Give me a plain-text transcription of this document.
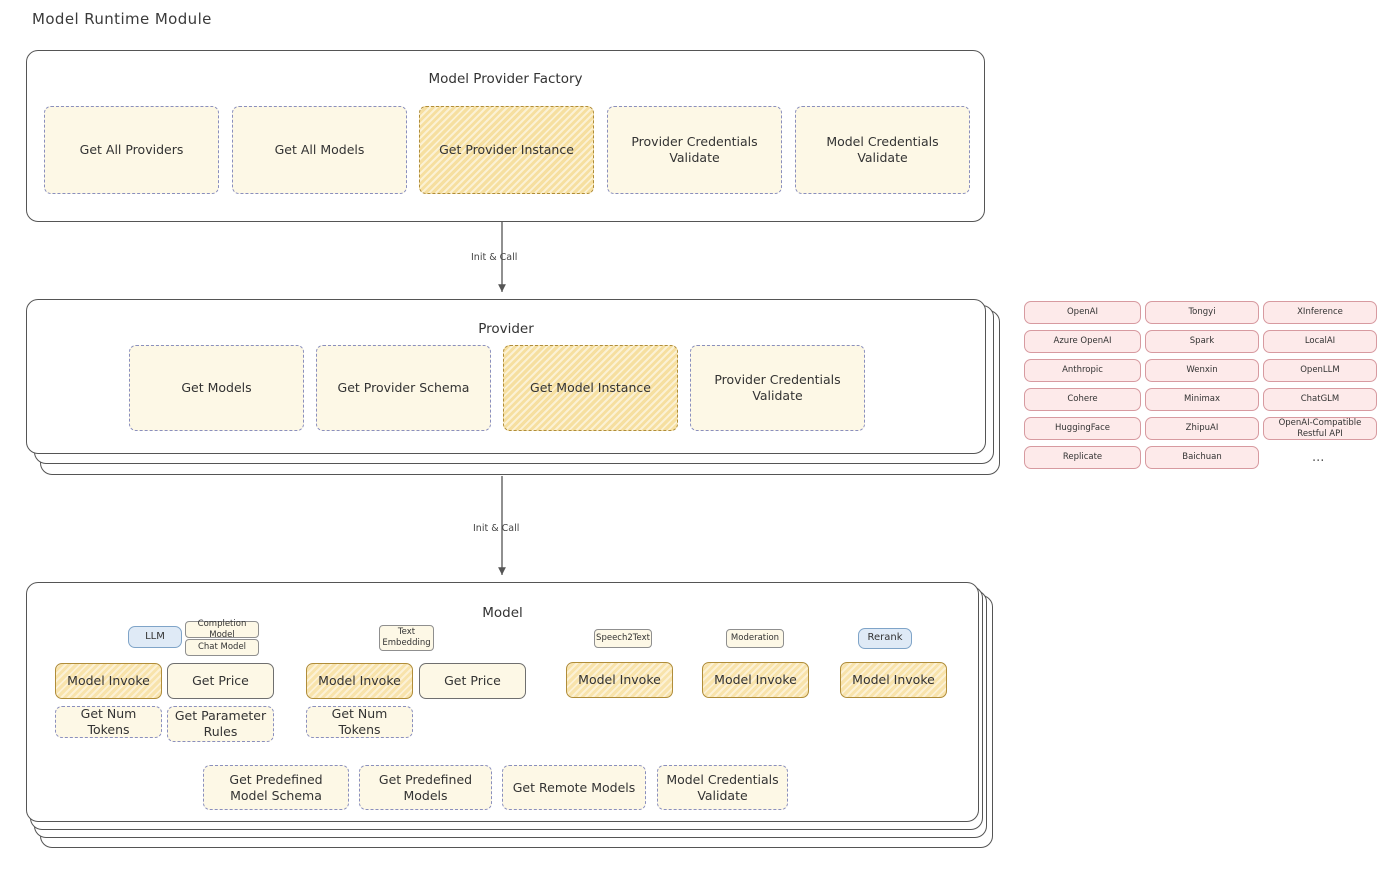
Model Runtime Module
Model Provider Factory
Get All Providers	Get All Models	Get Provider Instance
Provider Credentials Validate
Model Credentials Validate
Init & Call
Provider
Get Models	Get Provider Schema	Get Model Instance
Provider Credentials Validate
OpenAI
Azure OpenAI
Anthropic
Cohere
HuggingFace
Replicate
Tongyi
Spark
Wenxin
Minimax
ZhipuAI
Baichuan
XInference
LocalAI
OpenLLM
ChatGLM
OpenAI-Compatible Restful API
...
Init & Call
Model
LLM
Completion Model
Chat Model
Text Embedding	Speech2Text	Moderation	Rerank
Model Invoke	Get Price
Get Num Tokens
Get Parameter Rules
Model Invoke	Get Price
Get Num Tokens
Model Invoke	Model Invoke	Model Invoke
Get Predefined Model Schema
Get Predefined Models
Get Remote Models
Model Credentials Validate
